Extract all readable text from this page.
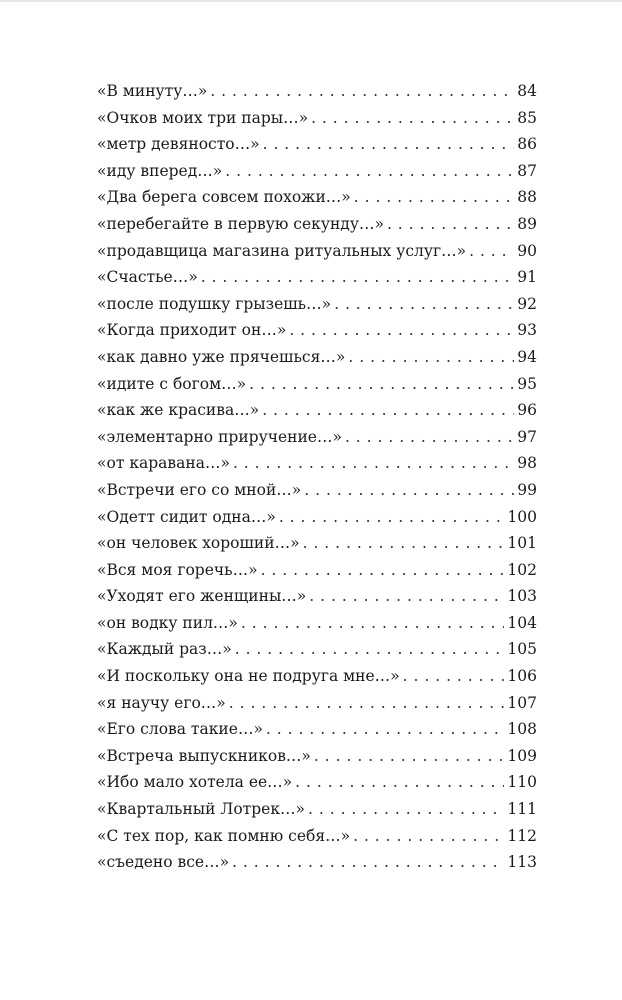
«В минуту…» . . .	84
«Очков моих три пары…» . . .	85
«метр девяносто…» . . .	86
«иду вперед…» . . .	87
«Два берега совсем похожи…» . . .	88
«перебегайте в первую секунду…» . . .	89
«продавщица магазина ритуальных услуг…» . . .	90
«Счастье…» . . .	91
«после подушку грызешь…» . . .	92
«Когда приходит он…» . . .	93
«как давно уже прячешься…» . . .	94
«идите с богом…» . . .	95
«как же красива…» . . .	96
«элементарно приручение…» . . .	97
«от каравана…» . . .	98
«Встречи его со мной…» . . .	99
«Одетт сидит одна…» . . .	100
«он человек хороший…» . . .	101
«Вся моя горечь…» . . .	102
«Уходят его женщины…» . . .	103
«он водку пил…» . . .	104
«Каждый раз…» . . .	105
«И поскольку она не подруга мне…» . . .	106
«я научу его…» . . .	107
«Его слова такие…» . . .	108
«Встреча выпускников…» . . .	109
«Ибо мало хотела ее…» . . .	110
«Квартальный Лотрек…» . . .	111
«С тех пор, как помню себя…» . . .	112
«съедено все…» . . .	113
